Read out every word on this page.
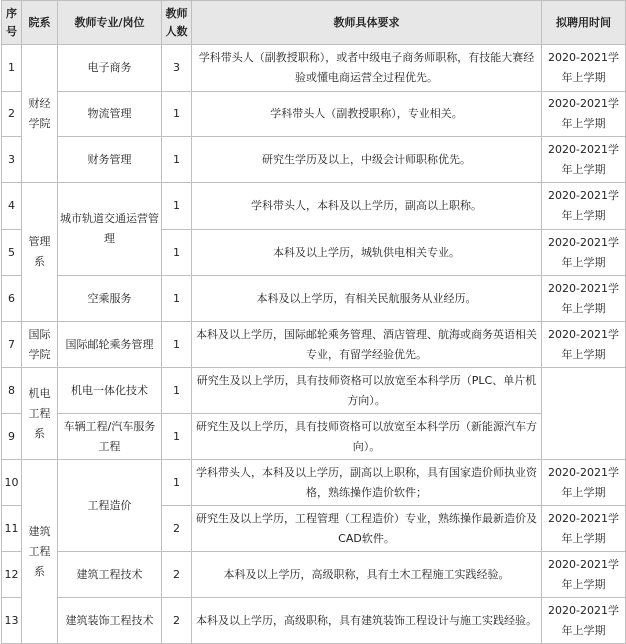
序号	院系	教师专业/岗位	教师人数	教师具体要求	拟聘用时间
1	财经学院	电子商务	3	学科带头人（副教授职称），或者中级电子商务师职称，有技能大赛经验或懂电商运营全过程优先。	2020-2021学年上学期
2		物流管理	1	学科带头人（副教授职称），专业相关。	2020-2021学年上学期
3		财务管理	1	研究生学历及以上，中级会计师职称优先。	2020-2021学年上学期
4	管理系	城市轨道交通运营管理	1	学科带头人，本科及以上学历，副高以上职称。	2020-2021学年上学期
5			1	本科及以上学历，城轨供电相关专业。	2020-2021学年上学期
6		空乘服务	1	本科及以上学历，有相关民航服务从业经历。	2020-2021学年上学期
7	国际学院	国际邮轮乘务管理	1	本科及以上学历，国际邮轮乘务管理、酒店管理、航海或商务英语相关专业，有留学经验优先。	2020-2021学年上学期
8	机电工程系	机电一体化技术	1	研究生及以上学历，具有技师资格可以放宽至本科学历（PLC、单片机方向）。	
9		车辆工程/汽车服务工程	1	研究生及以上学历，具有技师资格可以放宽至本科学历（新能源汽车方向）。	
10	建筑工程系	工程造价	1	学科带头人，本科及以上学历，副高以上职称，具有国家造价师执业资格，熟练操作造价软件；	2020-2021学年上学期
11			2	研究生及以上学历，工程管理（工程造价）专业，熟练操作最新造价及CAD软件。	2020-2021学年上学期
12		建筑工程技术	2	本科及以上学历，高级职称，具有土木工程施工实践经验。	2020-2021学年上学期
13		建筑装饰工程技术	2	本科及以上学历，高级职称，具有建筑装饰工程设计与施工实践经验。	2020-2021学年上学期
